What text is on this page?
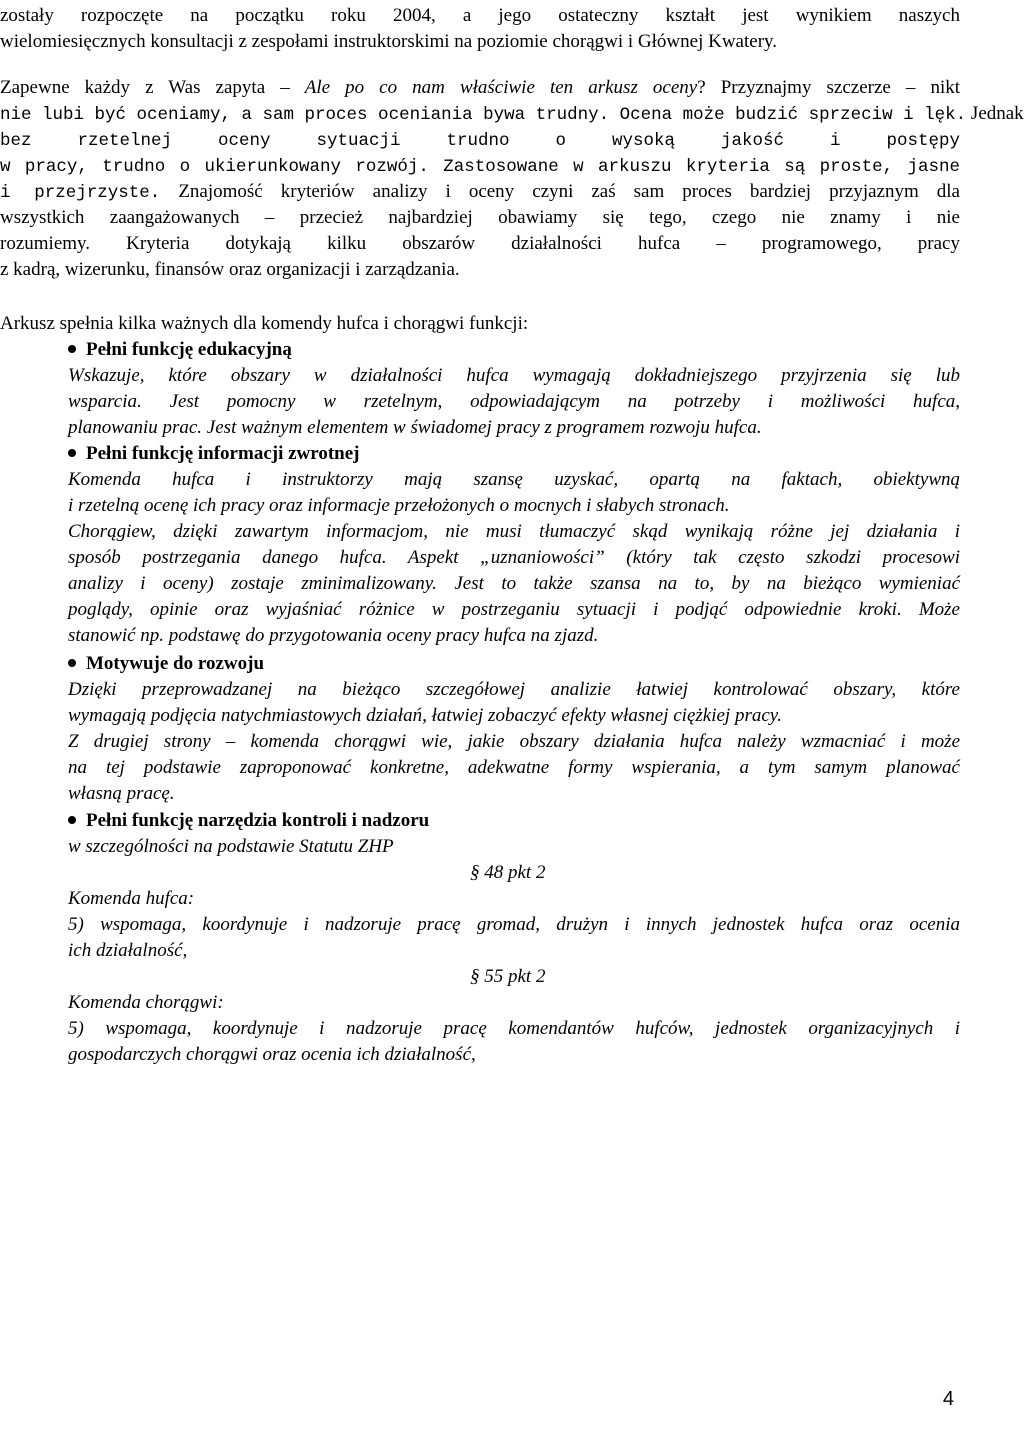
zostały rozpoczęte na początku roku 2004, a jego ostateczny kształt jest wynikiem naszych
wielomiesięcznych konsultacji z zespołami instruktorskimi na poziomie chorągwi i Głównej Kwatery.
Zapewne każdy z Was zapyta – Ale po co nam właściwie ten arkusz oceny? Przyznajmy szczerze – nikt
nie lubi być oceniamy, a sam proces oceniania bywa trudny. Ocena może budzić sprzeciw i lęk. Jednak
bez rzetelnej oceny sytuacji trudno o wysoką jakość i postępy
w pracy, trudno o ukierunkowany rozwój. Zastosowane w arkuszu kryteria są proste, jasne
i przejrzyste. Znajomość kryteriów analizy i oceny czyni zaś sam proces bardziej przyjaznym dla
wszystkich zaangażowanych – przecież najbardziej obawiamy się tego, czego nie znamy i nie
rozumiemy. Kryteria dotykają kilku obszarów działalności hufca – programowego, pracy
z kadrą, wizerunku, finansów oraz organizacji i zarządzania.
Arkusz spełnia kilka ważnych dla komendy hufca i chorągwi funkcji:
Pełni funkcję edukacyjną
Wskazuje, które obszary w działalności hufca wymagają dokładniejszego przyjrzenia się lub
wsparcia. Jest pomocny w rzetelnym, odpowiadającym na potrzeby i możliwości hufca,
planowaniu prac. Jest ważnym elementem w świadomej pracy z programem rozwoju hufca.
Pełni funkcję informacji zwrotnej
Komenda hufca i instruktorzy mają szansę uzyskać, opartą na faktach, obiektywną
i rzetelną ocenę ich pracy oraz informacje przełożonych o mocnych i słabych stronach.
Chorągiew, dzięki zawartym informacjom, nie musi tłumaczyć skąd wynikają różne jej działania i
sposób postrzegania danego hufca. Aspekt „uznaniowości” (który tak często szkodzi procesowi
analizy i oceny) zostaje zminimalizowany. Jest to także szansa na to, by na bieżąco wymieniać
poglądy, opinie oraz wyjaśniać różnice w postrzeganiu sytuacji i podjąć odpowiednie kroki. Może
stanowić np. podstawę do przygotowania oceny pracy hufca na zjazd.
Motywuje do rozwoju
Dzięki przeprowadzanej na bieżąco szczegółowej analizie łatwiej kontrolować obszary, które
wymagają podjęcia natychmiastowych działań, łatwiej zobaczyć efekty własnej ciężkiej pracy.
Z drugiej strony – komenda chorągwi wie, jakie obszary działania hufca należy wzmacniać i może
na tej podstawie zaproponować konkretne, adekwatne formy wspierania, a tym samym planować
własną pracę.
Pełni funkcję narzędzia kontroli i nadzoru
w szczególności na podstawie Statutu ZHP
§ 48 pkt 2
Komenda hufca:
5) wspomaga, koordynuje i nadzoruje pracę gromad, drużyn i innych jednostek hufca oraz ocenia
ich działalność,
§ 55 pkt 2
Komenda chorągwi:
5) wspomaga, koordynuje i nadzoruje pracę komendantów hufców, jednostek organizacyjnych i
gospodarczych chorągwi oraz ocenia ich działalność,
4
